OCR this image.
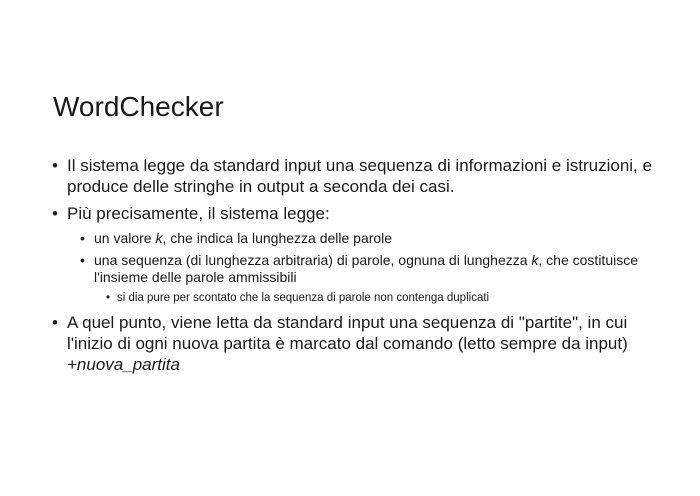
WordChecker
• Il sistema legge da standard input una sequenza di informazioni e istruzioni, e produce delle stringhe in output a seconda dei casi.
• Più precisamente, il sistema legge:
• un valore k, che indica la lunghezza delle parole
• una sequenza (di lunghezza arbitraria) di parole, ognuna di lunghezza k, che costituisce l'insieme delle parole ammissibili
• si dia pure per scontato che la sequenza di parole non contenga duplicati
• A quel punto, viene letta da standard input una sequenza di "partite", in cui l'inizio di ogni nuova partita è marcato dal comando (letto sempre da input) +nuova_partita
